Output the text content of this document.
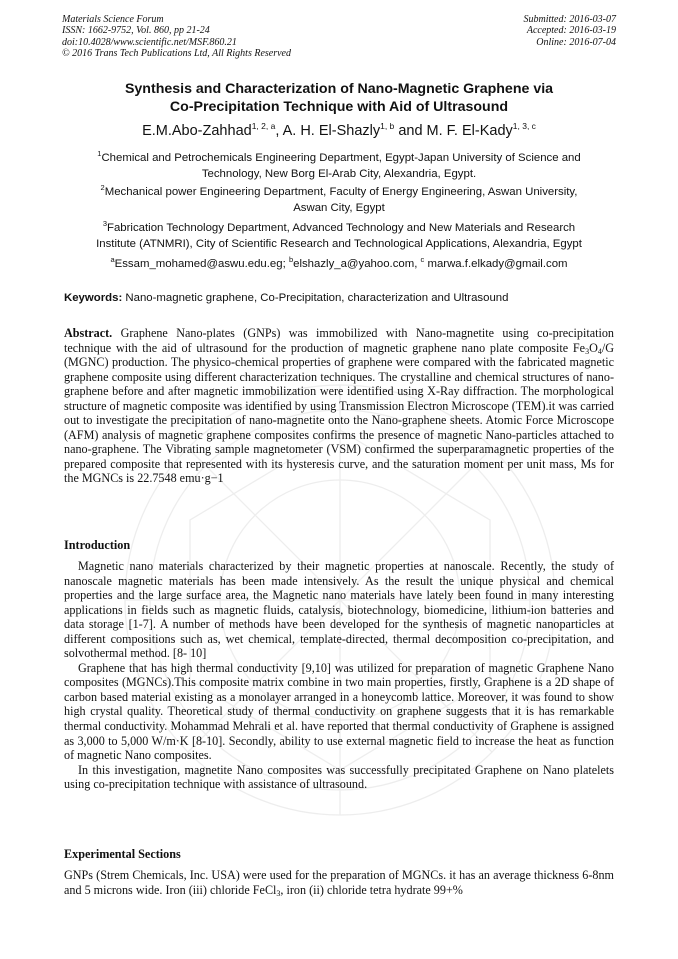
Materials Science Forum
ISSN: 1662-9752, Vol. 860, pp 21-24
doi:10.4028/www.scientific.net/MSF.860.21
© 2016 Trans Tech Publications Ltd, All Rights Reserved
Submitted: 2016-03-07
Accepted: 2016-03-19
Online: 2016-07-04
Synthesis and Characterization of Nano-Magnetic Graphene via
Co-Precipitation Technique with Aid of Ultrasound
E.M.Abo-Zahhad$^{1, 2, a}$, A. H. El-Shazly$^{1, b}$ and M. F. El-Kady$^{1, 3, c}$
$^1$Chemical and Petrochemicals Engineering Department, Egypt-Japan University of Science and
Technology, New Borg El-Arab City, Alexandria, Egypt.
$^2$Mechanical power Engineering Department, Faculty of Energy Engineering, Aswan University,
Aswan City, Egypt
$^3$Fabrication Technology Department, Advanced Technology and New Materials and Research
Institute (ATNMRI), City of Scientific Research and Technological Applications, Alexandria, Egypt
$^a$Essam_mohamed@aswu.edu.eg; $^b$elshazly_a@yahoo.com, $^c$ marwa.f.elkady@gmail.com
Keywords: Nano-magnetic graphene, Co-Precipitation, characterization and Ultrasound
Abstract. Graphene Nano-plates (GNPs) was immobilized with Nano-magnetite using co-precipitation technique with the aid of ultrasound for the production of magnetic graphene nano plate composite $Fe_3O_4/G$ (MGNC) production. The physico-chemical properties of graphene were compared with the fabricated magnetic graphene composite using different characterization techniques. The crystalline and chemical structures of nano-graphene before and after magnetic immobilization were identified using X-Ray diffraction. The morphological structure of magnetic composite was identified by using Transmission Electron Microscope (TEM).it was carried out to investigate the precipitation of nano-magnetite onto the Nano-graphene sheets. Atomic Force Microscope (AFM) analysis of magnetic graphene composites confirms the presence of magnetic Nano-particles attached to nano-graphene. The Vibrating sample magnetometer (VSM) confirmed the superparamagnetic properties of the prepared composite that represented with its hysteresis curve, and the saturation moment per unit mass, Ms for the MGNCs is 22.7548 emu·g−1
Introduction

Magnetic nano materials characterized by their magnetic properties at nanoscale. Recently, the study of nanoscale magnetic materials has been made intensively. As the result the unique physical and chemical properties and the large surface area, the Magnetic nano materials have lately been found in many interesting applications in fields such as magnetic fluids, catalysis, biotechnology, biomedicine, lithium-ion batteries and data storage [1-7]. A number of methods have been developed for the synthesis of magnetic nanoparticles at different compositions such as, wet chemical, template-directed, thermal decomposition co-precipitation, and solvothermal method. [8- 10]

Graphene that has high thermal conductivity [9,10] was utilized for preparation of magnetic Graphene Nano composites (MGNCs).This composite matrix combine in two main properties, firstly, Graphene is a 2D shape of carbon based material existing as a monolayer arranged in a honeycomb lattice. Moreover, it was found to show high crystal quality. Theoretical study of thermal conductivity on graphene suggests that it is has remarkable thermal conductivity. Mohammad Mehrali et al. have reported that thermal conductivity of Graphene is assigned as 3,000 to 5,000 W/m·K [8-10]. Secondly, ability to use external magnetic field to increase the heat as function of magnetic Nano composites.

In this investigation, magnetite Nano composites was successfully precipitated Graphene on Nano platelets using co-precipitation technique with assistance of ultrasound.

Experimental Sections

GNPs (Strem Chemicals, Inc. USA) were used for the preparation of MGNCs. it has an average thickness 6-8nm and 5 microns wide. Iron (iii) chloride FeCl$_3$, iron (ii) chloride tetra hydrate 99+%
